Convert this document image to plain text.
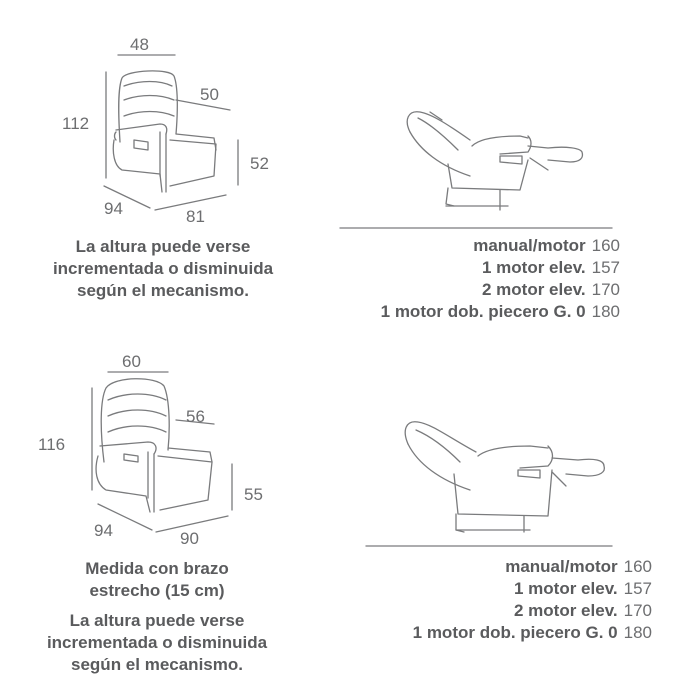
48
50
112
52
94	81
La altura puede verse
incrementada o disminuida
según el mecanismo.
manual/motor 160
1 motor elev. 157
2 motor elev. 170
1 motor dob. piecero G. 0 180
60
56
116
55
94	90
Medida con brazo
estrecho (15 cm)
La altura puede verse
incrementada o disminuida
según el mecanismo.
manual/motor 160
1 motor elev. 157
2 motor elev. 170
1 motor dob. piecero G. 0 180
